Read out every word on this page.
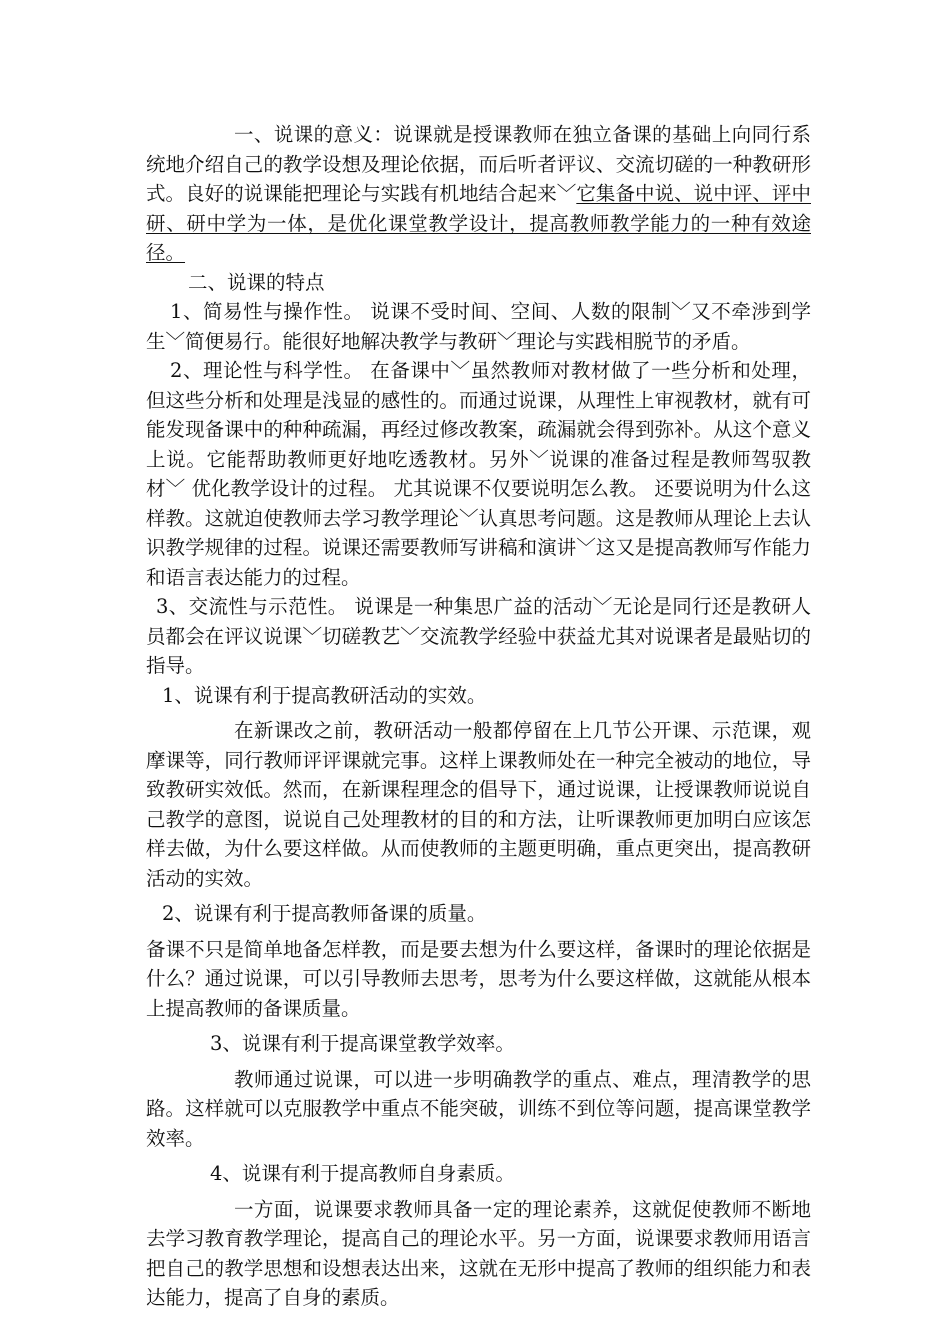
一、说课的意义：说课就是授课教师在独立备课的基础上向同行系统地介绍自己的教学设想及理论依据，而后听者评议、交流切磋的一种教研形式。良好的说课能把理论与实践有机地结合起来﹀它集备中说、说中评、评中研、研中学为一体，是优化课堂教学设计，提高教师教学能力的一种有效途径。

二、说课的特点

1、简易性与操作性。 说课不受时间、空间、人数的限制﹀又不牵涉到学生﹀简便易行。能很好地解决教学与教研﹀理论与实践相脱节的矛盾。

2、理论性与科学性。 在备课中﹀虽然教师对教材做了一些分析和处理，但这些分析和处理是浅显的感性的。而通过说课，从理性上审视教材，就有可能发现备课中的种种疏漏，再经过修改教案，疏漏就会得到弥补。从这个意义上说。它能帮助教师更好地吃透教材。另外﹀说课的准备过程是教师驾驭教材﹀ 优化教学设计的过程。 尤其说课不仅要说明怎么教。 还要说明为什么这样教。这就迫使教师去学习教学理论﹀认真思考问题。这是教师从理论上去认识教学规律的过程。说课还需要教师写讲稿和演讲﹀这又是提高教师写作能力和语言表达能力的过程。

3、交流性与示范性。 说课是一种集思广益的活动﹀无论是同行还是教研人员都会在评议说课﹀切磋教艺﹀交流教学经验中获益尤其对说课者是最贴切的指导。

1、说课有利于提高教研活动的实效。

在新课改之前，教研活动一般都停留在上几节公开课、示范课，观摩课等，同行教师评评课就完事。这样上课教师处在一种完全被动的地位，导致教研实效低。然而，在新课程理念的倡导下，通过说课，让授课教师说说自己教学的意图，说说自己处理教材的目的和方法，让听课教师更加明白应该怎样去做，为什么要这样做。从而使教师的主题更明确，重点更突出，提高教研活动的实效。

2、说课有利于提高教师备课的质量。

备课不只是简单地备怎样教，而是要去想为什么要这样，备课时的理论依据是什么？通过说课，可以引导教师去思考，思考为什么要这样做，这就能从根本上提高教师的备课质量。

3、说课有利于提高课堂教学效率。

教师通过说课，可以进一步明确教学的重点、难点，理清教学的思路。这样就可以克服教学中重点不能突破，训练不到位等问题，提高课堂教学效率。

4、说课有利于提高教师自身素质。

一方面，说课要求教师具备一定的理论素养，这就促使教师不断地去学习教育教学理论，提高自己的理论水平。另一方面，说课要求教师用语言把自己的教学思想和设想表达出来，这就在无形中提高了教师的组织能力和表达能力，提高了自身的素质。
